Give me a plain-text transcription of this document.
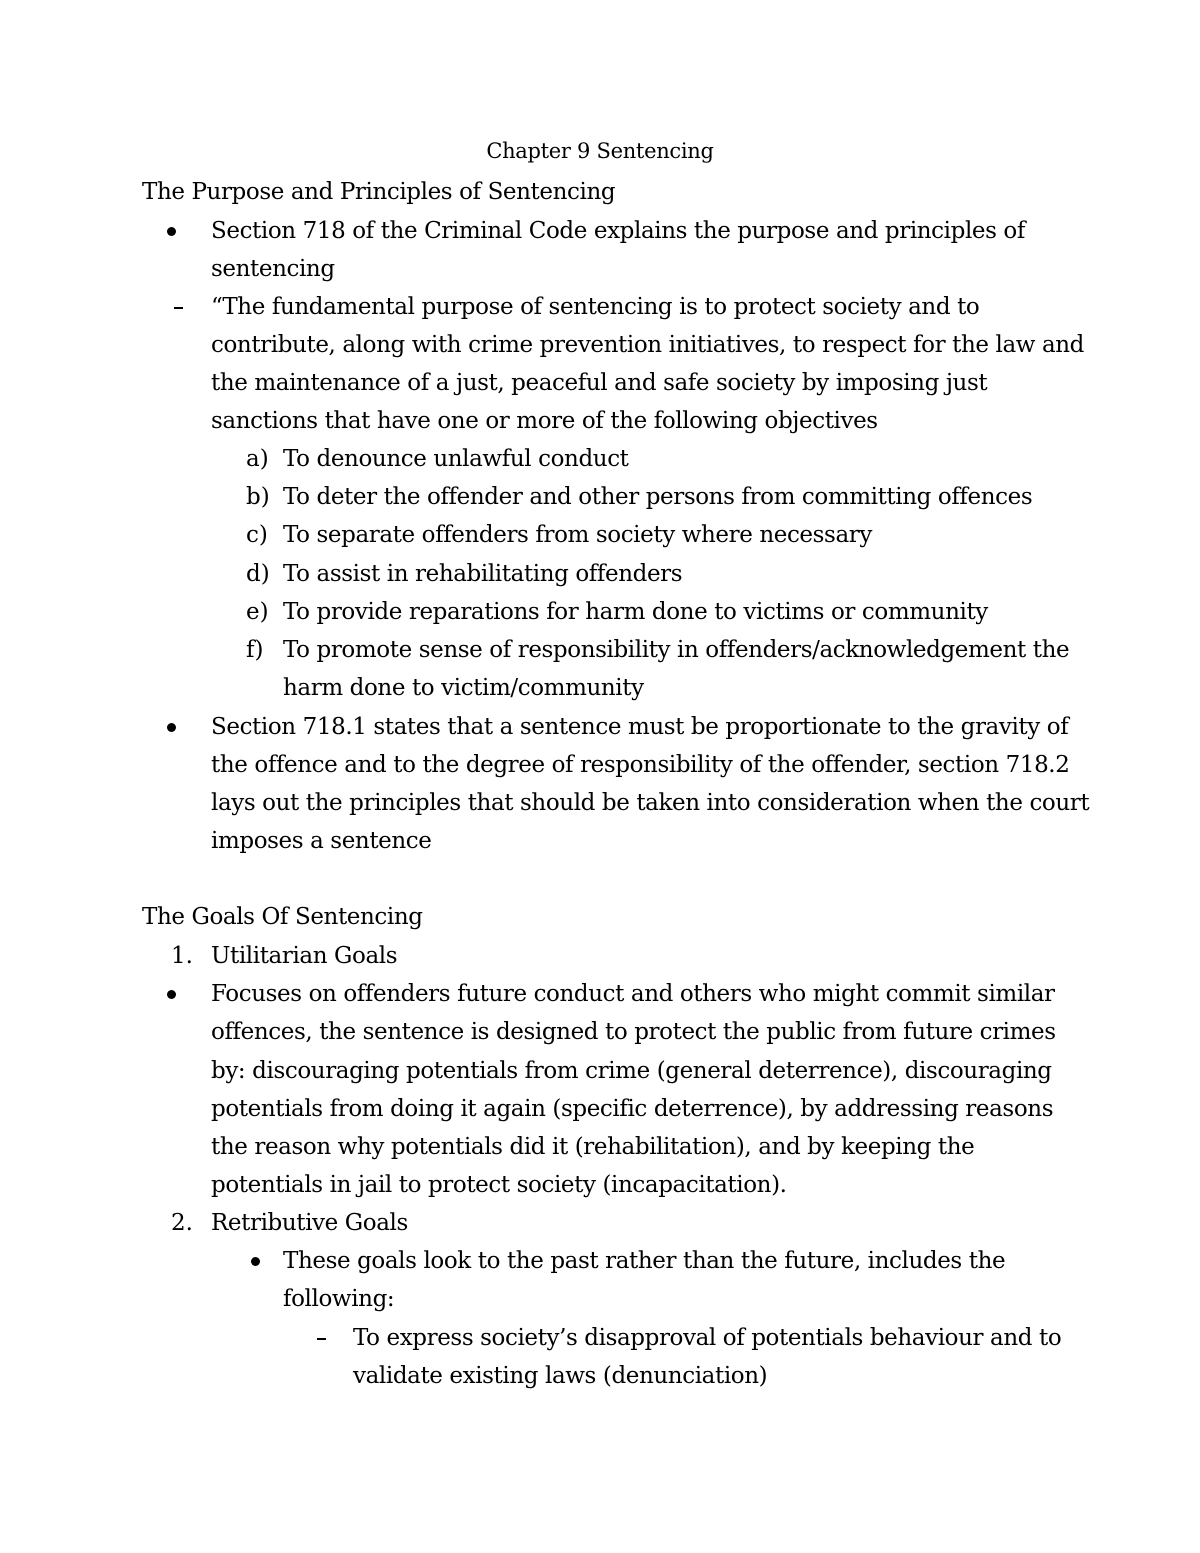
Chapter 9 Sentencing
The Purpose and Principles of Sentencing
Section 718 of the Criminal Code explains the purpose and principles of
sentencing
“The fundamental purpose of sentencing is to protect society and to
contribute, along with crime prevention initiatives, to respect for the law and
the maintenance of a just, peaceful and safe society by imposing just
sanctions that have one or more of the following objectives
a) To denounce unlawful conduct
b) To deter the offender and other persons from committing offences
c) To separate offenders from society where necessary
d) To assist in rehabilitating offenders
e) To provide reparations for harm done to victims or community
f) To promote sense of responsibility in offenders/acknowledgement the
harm done to victim/community
Section 718.1 states that a sentence must be proportionate to the gravity of
the offence and to the degree of responsibility of the offender, section 718.2
lays out the principles that should be taken into consideration when the court
imposes a sentence
The Goals Of Sentencing
1. Utilitarian Goals
Focuses on offenders future conduct and others who might commit similar
offences, the sentence is designed to protect the public from future crimes
by: discouraging potentials from crime (general deterrence), discouraging
potentials from doing it again (specific deterrence), by addressing reasons
the reason why potentials did it (rehabilitation), and by keeping the
potentials in jail to protect society (incapacitation).
2. Retributive Goals
These goals look to the past rather than the future, includes the
following:
To express society’s disapproval of potentials behaviour and to
validate existing laws (denunciation)
